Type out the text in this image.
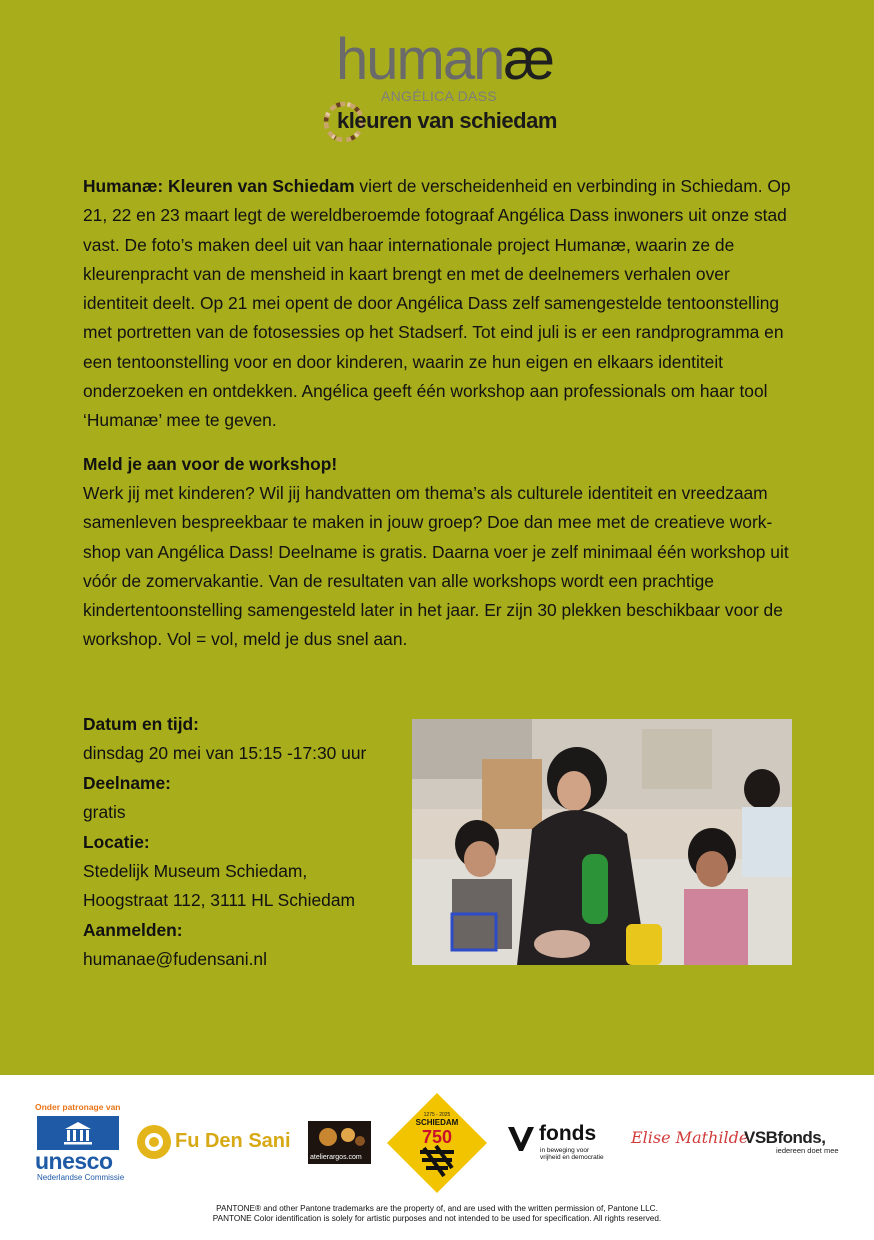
humanæ
ANGÉLICA DASS
kleuren van schiedam

Humanæ: Kleuren van Schiedam viert de verscheidenheid en verbinding in Schiedam. Op 21, 22 en 23 maart legt de wereldberoemde fotograaf Angélica Dass inwoners uit onze stad vast. De foto’s maken deel uit van haar internationale project Humanæ, waarin ze de kleurenpracht van de mensheid in kaart brengt en met de deelnemers verhalen over identiteit deelt. Op 21 mei opent de door Angélica Dass zelf samengestelde tentoonstelling met portretten van de fotosessies op het Stadserf. Tot eind juli is er een randprogramma en een tentoonstelling voor en door kinderen, waarin ze hun eigen en elkaars identiteit onderzoeken en ontdekken. Angélica geeft één workshop aan professionals om haar tool ‘Humanæ’ mee te geven.

Meld je aan voor de workshop!

Werk jij met kinderen? Wil jij handvatten om thema’s als culturele identiteit en vreedzaam samenleven bespreekbaar te maken in jouw groep? Doe dan mee met de creatieve workshop van Angélica Dass! Deelname is gratis. Daarna voer je zelf minimaal één workshop uit vóór de zomervakantie. Van de resultaten van alle workshops wordt een prachtige kindertentoonstelling samengesteld later in het jaar. Er zijn 30 plekken beschikbaar voor de workshop. Vol = vol, meld je dus snel aan.

Datum en tijd:
dinsdag 20 mei van 15:15 -17:30 uur
Deelname:
gratis
Locatie:
Stedelijk Museum Schiedam,
Hoogstraat 112, 3111 HL Schiedam
Aanmelden:
humanae@fudensani.nl
Onder patronage van
unesco
Nederlandse Commissie
Fu Den Sani
atelierargos.com
1275 - 2025
SCHIEDAM
750	fonds
in beweging voor vrijheid en democratie
Elise Mathilde
VSBfonds,
iedereen doet mee
PANTONE® and other Pantone trademarks are the property of, and are used with the written permission of, Pantone LLC.
PANTONE Color identification is solely for artistic purposes and not intended to be used for specification. All rights reserved.
